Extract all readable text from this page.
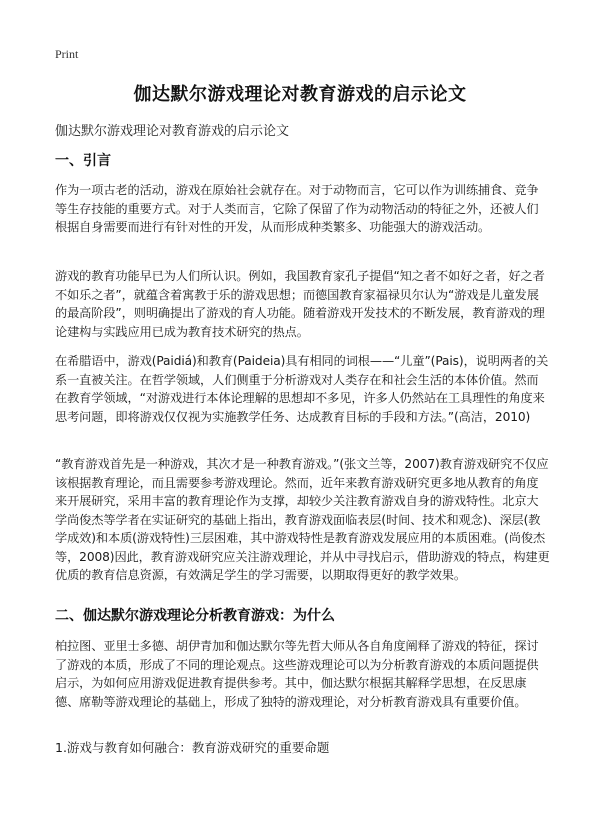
Print
伽达默尔游戏理论对教育游戏的启示论文
伽达默尔游戏理论对教育游戏的启示论文
一、引言
作为一项古老的活动，游戏在原始社会就存在。对于动物而言，它可以作为训练捕食、竞争等生存技能的重要方式。对于人类而言，它除了保留了作为动物活动的特征之外，还被人们根据自身需要而进行有针对性的开发，从而形成种类繁多、功能强大的游戏活动。
游戏的教育功能早已为人们所认识。例如，我国教育家孔子提倡“知之者不如好之者，好之者不如乐之者”，就蕴含着寓教于乐的游戏思想；而德国教育家福禄贝尔认为“游戏是儿童发展的最高阶段”，则明确提出了游戏的育人功能。随着游戏开发技术的不断发展，教育游戏的理论建构与实践应用已成为教育技术研究的热点。
在希腊语中，游戏(Paidiá)和教育(Paideia)具有相同的词根——“儿童”(Pais)，说明两者的关系一直被关注。在哲学领域，人们侧重于分析游戏对人类存在和社会生活的本体价值。然而在教育学领域，“对游戏进行本体论理解的思想却不多见，许多人仍然站在工具理性的角度来思考问题，即将游戏仅仅视为实施教学任务、达成教育目标的手段和方法。”(高洁，2010)
“教育游戏首先是一种游戏，其次才是一种教育游戏。”(张文兰等，2007)教育游戏研究不仅应该根据教育理论，而且需要参考游戏理论。然而，近年来教育游戏研究更多地从教育的角度来开展研究，采用丰富的教育理论作为支撑，却较少关注教育游戏自身的游戏特性。北京大学尚俊杰等学者在实证研究的基础上指出，教育游戏面临表层(时间、技术和观念)、深层(教学成效)和本质(游戏特性)三层困难，其中游戏特性是教育游戏发展应用的本质困难。(尚俊杰等，2008)因此，教育游戏研究应关注游戏理论，并从中寻找启示，借助游戏的特点，构建更优质的教育信息资源，有效满足学生的学习需要，以期取得更好的教学效果。
二、伽达默尔游戏理论分析教育游戏：为什么
柏拉图、亚里士多德、胡伊青加和伽达默尔等先哲大师从各自角度阐释了游戏的特征，探讨了游戏的本质，形成了不同的理论观点。这些游戏理论可以为分析教育游戏的本质问题提供启示，为如何应用游戏促进教育提供参考。其中，伽达默尔根据其解释学思想，在反思康德、席勒等游戏理论的基础上，形成了独特的游戏理论，对分析教育游戏具有重要价值。
1.游戏与教育如何融合：教育游戏研究的重要命题
